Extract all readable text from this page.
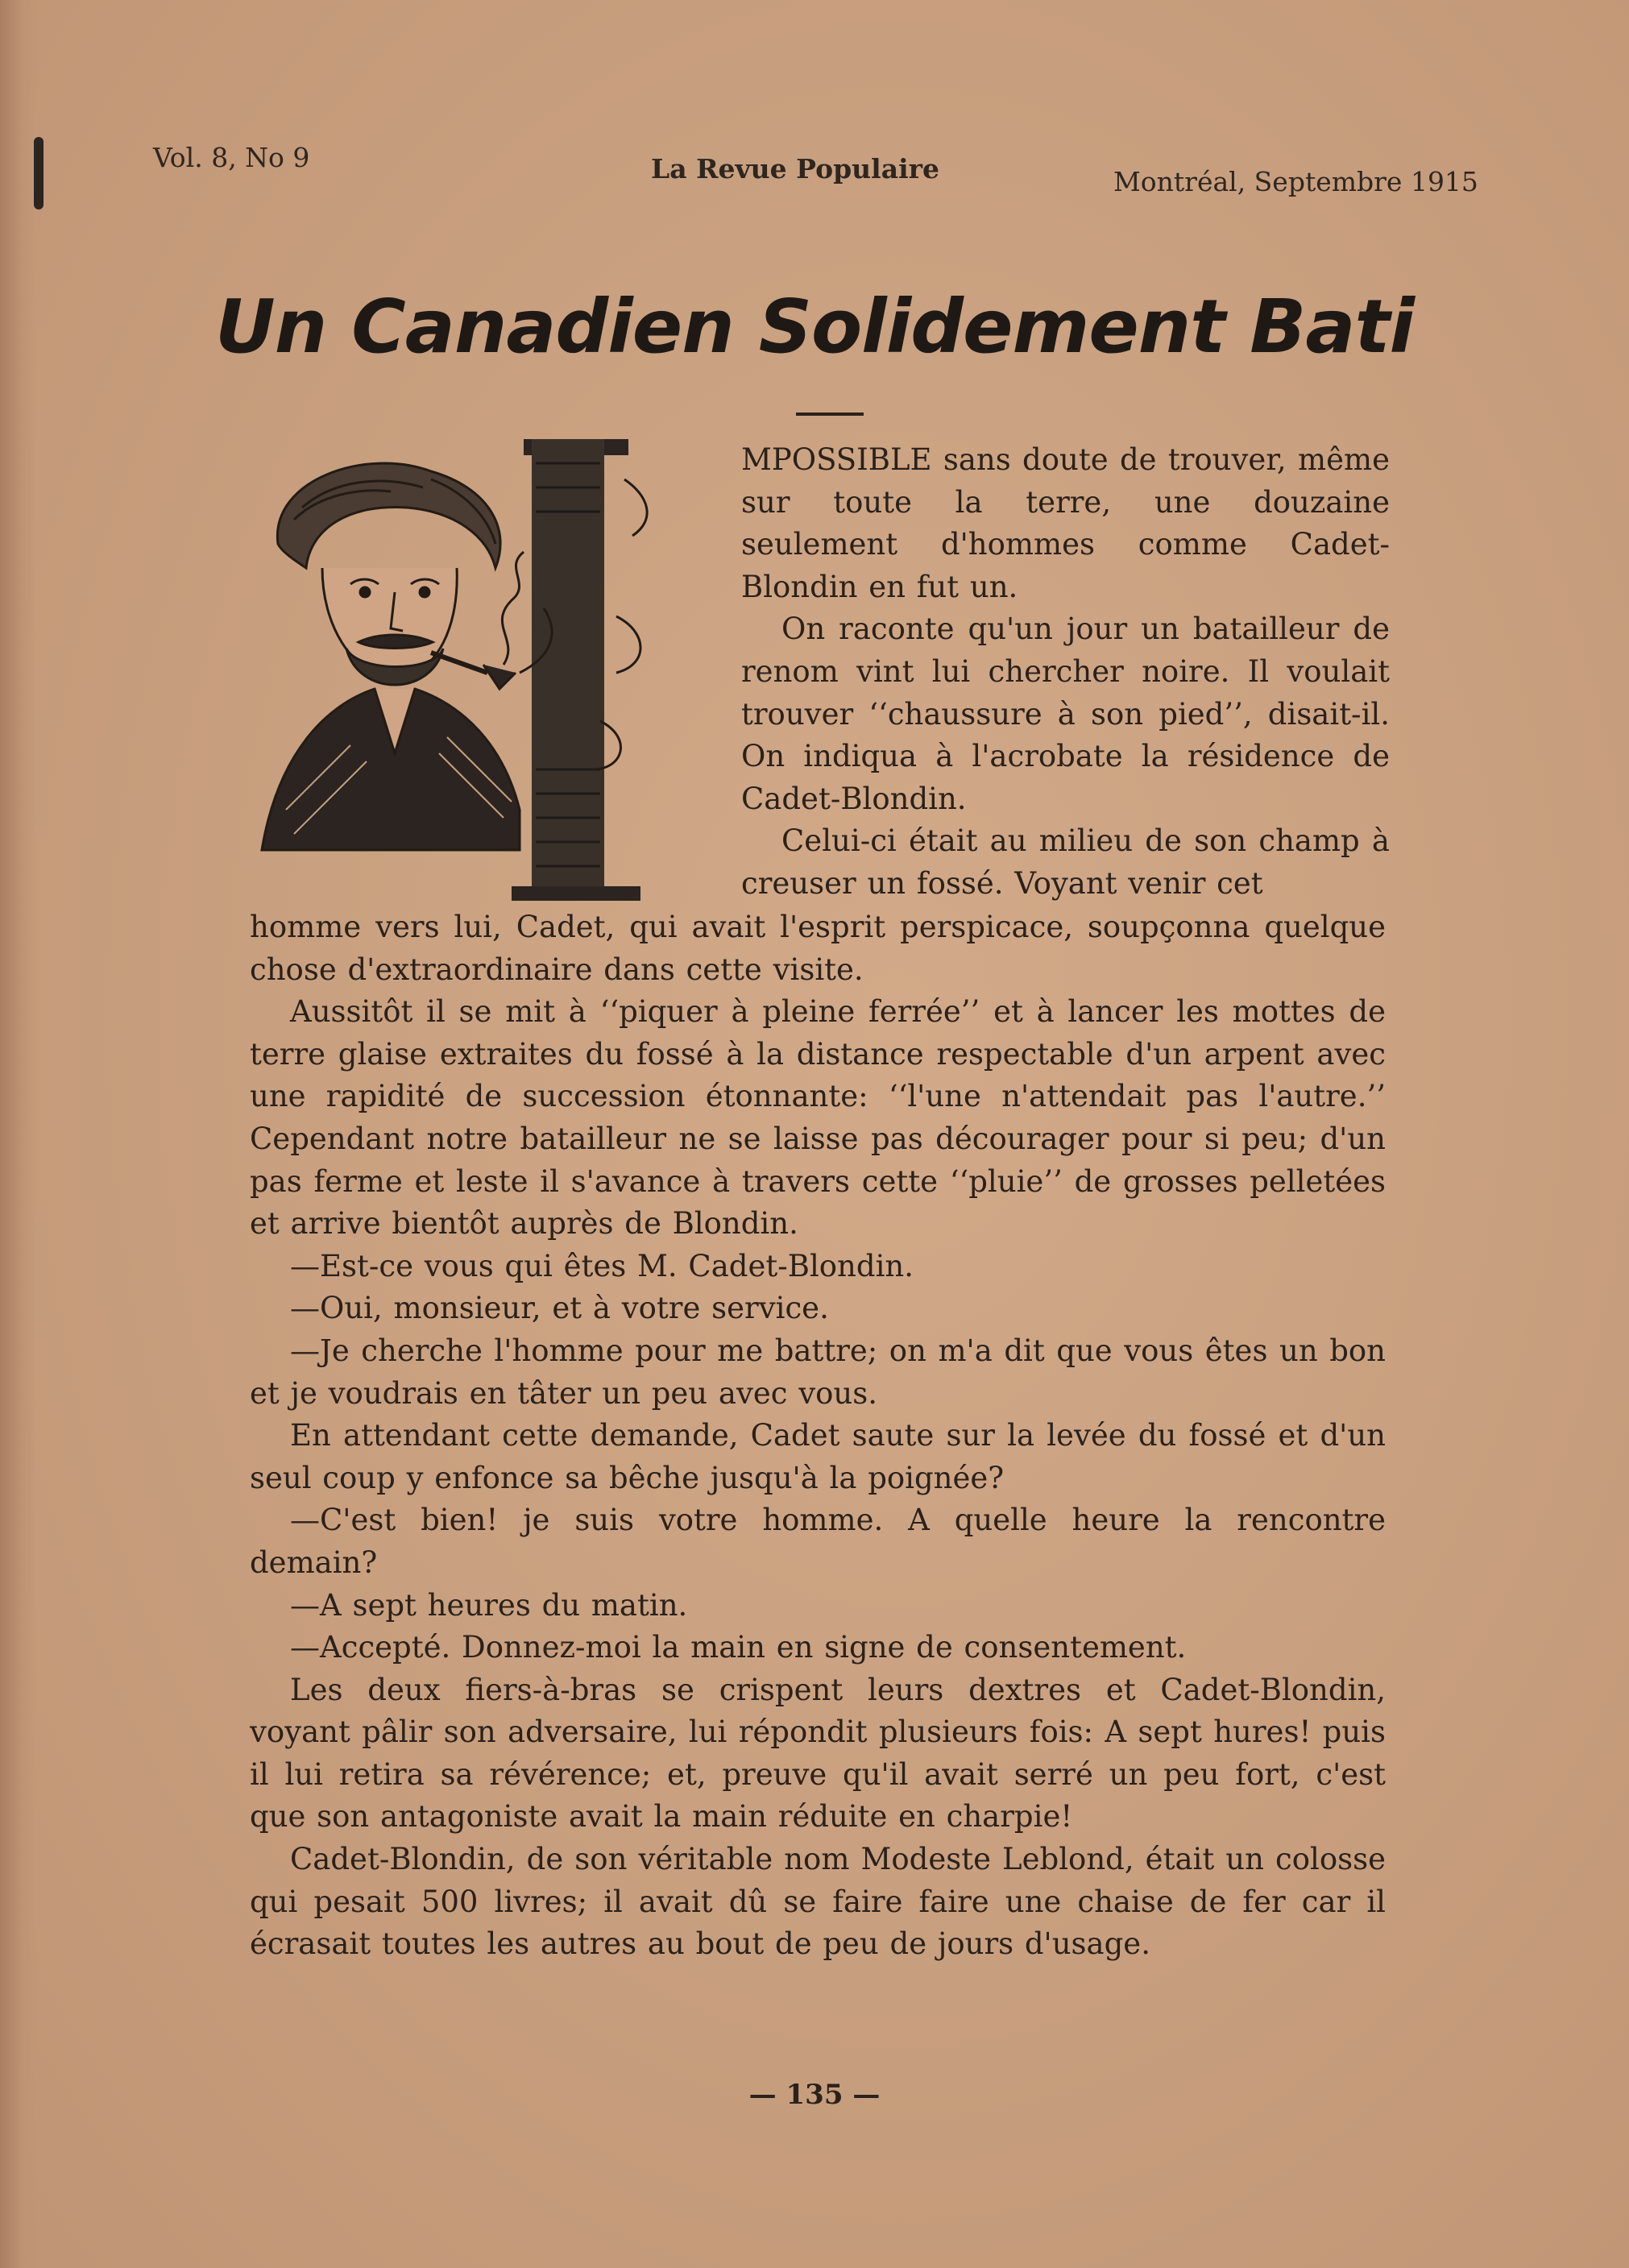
Vol. 8, No 9	La Revue Populaire	Montréal, Septembre 1915
Un Canadien Solidement Bati

MPOSSIBLE sans doute de trouver, même sur toute la terre, une douzaine seulement d'hommes comme Cadet-Blondin en fut un.

On raconte qu'un jour un batailleur de renom vint lui chercher noire. Il voulait trouver ‘‘chaussure à son pied’’, disait-il. On indiqua à l'acrobate la résidence de Cadet-Blondin.

Celui-ci était au milieu de son champ à creuser un fossé. Voyant venir cet

homme vers lui, Cadet, qui avait l'esprit perspicace, soupçonna quelque chose d'extraordinaire dans cette visite.

Aussitôt il se mit à ‘‘piquer à pleine ferrée’’ et à lancer les mottes de terre glaise extraites du fossé à la distance respectable d'un arpent avec une rapidité de succession étonnante: ‘‘l'une n'attendait pas l'autre.’’ Cependant notre batailleur ne se laisse pas décourager pour si peu; d'un pas ferme et leste il s'avance à travers cette ‘‘pluie’’ de grosses pelletées et arrive bientôt auprès de Blondin.

—Est-ce vous qui êtes M. Cadet-Blondin.

—Oui, monsieur, et à votre service.

—Je cherche l'homme pour me battre; on m'a dit que vous êtes un bon et je voudrais en tâter un peu avec vous.

En attendant cette demande, Cadet saute sur la levée du fossé et d'un seul coup y enfonce sa bêche jusqu'à la poignée?

—C'est bien! je suis votre homme. A quelle heure la rencontre demain?

—A sept heures du matin.

—Accepté. Donnez-moi la main en signe de consentement.

Les deux fiers-à-bras se crispent leurs dextres et Cadet-Blondin, voyant pâlir son adversaire, lui répondit plusieurs fois: A sept hures! puis il lui retira sa révérence; et, preuve qu'il avait serré un peu fort, c'est que son antagoniste avait la main réduite en charpie!

Cadet-Blondin, de son véritable nom Modeste Leblond, était un colosse qui pesait 500 livres; il avait dû se faire faire une chaise de fer car il écrasait toutes les autres au bout de peu de jours d'usage.

— 135 —
